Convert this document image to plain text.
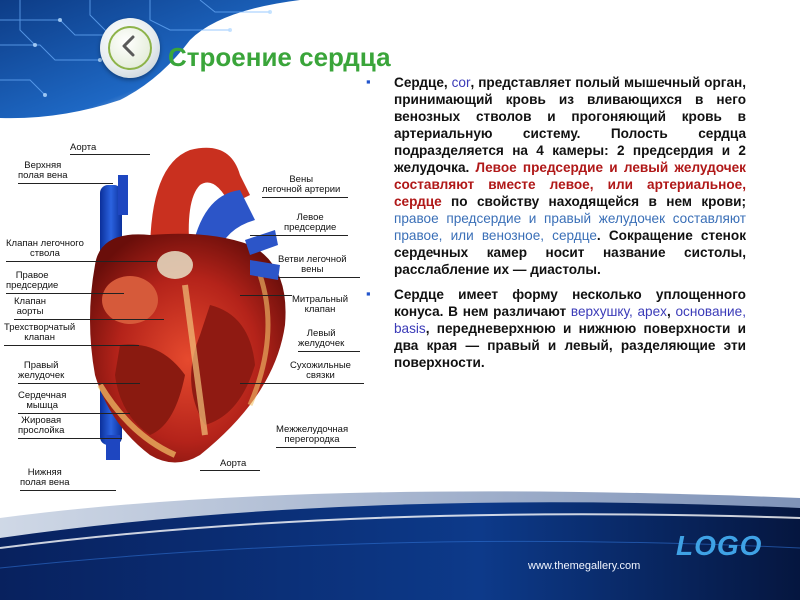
Строение сердца
Аорта
Верхняя
полая вена
Клапан легочного
ствола
Правое
предсердие
Клапан
аорты
Трехстворчатый
клапан
Правый
желудочек
Сердечная
мышца
Жировая
прослойка
Нижняя
полая вена
Вены
легочной артерии
Левое
предсердие
Ветви легочной
вены
Митральный
клапан
Левый
желудочек
Сухожильные
связки
Межжелудочная
перегородка
Аорта

▪ Сердце, cor, представляет полый мышечный орган, принимающий кровь из вливающихся в него венозных стволов и прогоняющий кровь в артериальную систему. Полость сердца подразделяется на 4 камеры: 2 предсердия и 2 желудочка. Левое предсердие и левый желудочек составляют вместе левое, или артериальное, сердце по свойству находящейся в нем крови; правое предсердие и правый желудочек составляют правое, или венозное, сердце. Сокращение стенок сердечных камер носит название систолы, расслабление их — диастолы.

▪ Сердце имеет форму несколько уплощенного конуса. В нем различают верхушку, apex, основание, basis, передневерхнюю и нижнюю поверхности и два края — правый и левый, разделяющие эти поверхности.

LOGO
www.themegallery.com
